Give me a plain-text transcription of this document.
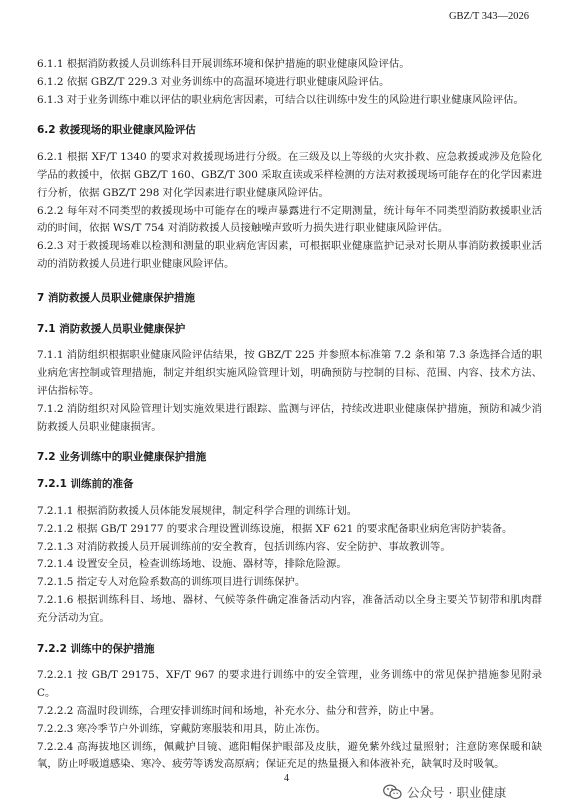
GBZ/T 343—2026
6.1.1 根据消防救援人员训练科目开展训练环境和保护措施的职业健康风险评估。
6.1.2 依据 GBZ/T 229.3 对业务训练中的高温环境进行职业健康风险评估。
6.1.3 对于业务训练中难以评估的职业病危害因素，可结合以往训练中发生的风险进行职业健康风险评估。
6.2 救援现场的职业健康风险评估
6.2.1 根据 XF/T 1340 的要求对救援现场进行分级。在三级及以上等级的火灾扑救、应急救援或涉及危险化学品的救援中，依据 GBZ/T 160、GBZ/T 300 采取直读或采样检测的方法对救援现场可能存在的化学因素进行分析，依据 GBZ/T 298 对化学因素进行职业健康风险评估。
6.2.2 每年对不同类型的救援现场中可能存在的噪声暴露进行不定期测量，统计每年不同类型消防救援职业活动的时间，依据 WS/T 754 对消防救援人员接触噪声致听力损失进行职业健康风险评估。
6.2.3 对于救援现场难以检测和测量的职业病危害因素，可根据职业健康监护记录对长期从事消防救援职业活动的消防救援人员进行职业健康风险评估。
7 消防救援人员职业健康保护措施
7.1 消防救援人员职业健康保护
7.1.1 消防组织根据职业健康风险评估结果，按 GBZ/T 225 并参照本标准第 7.2 条和第 7.3 条选择合适的职业病危害控制或管理措施，制定并组织实施风险管理计划，明确预防与控制的目标、范围、内容、技术方法、评估指标等。
7.1.2 消防组织对风险管理计划实施效果进行跟踪、监测与评估，持续改进职业健康保护措施，预防和减少消防救援人员职业健康损害。
7.2 业务训练中的职业健康保护措施
7.2.1 训练前的准备
7.2.1.1 根据消防救援人员体能发展规律，制定科学合理的训练计划。
7.2.1.2 根据 GB/T 29177 的要求合理设置训练设施，根据 XF 621 的要求配备职业病危害防护装备。
7.2.1.3 对消防救援人员开展训练前的安全教育，包括训练内容、安全防护、事故教训等。
7.2.1.4 设置安全员，检查训练场地、设施、器材等，排除危险源。
7.2.1.5 指定专人对危险系数高的训练项目进行训练保护。
7.2.1.6 根据训练科目、场地、器材、气候等条件确定准备活动内容，准备活动以全身主要关节韧带和肌肉群充分活动为宜。
7.2.2 训练中的保护措施
7.2.2.1 按 GB/T 29175、XF/T 967 的要求进行训练中的安全管理，业务训练中的常见保护措施参见附录 C。
7.2.2.2 高温时段训练，合理安排训练时间和场地，补充水分、盐分和营养，防止中暑。
7.2.2.3 寒冷季节户外训练，穿戴防寒服装和用具，防止冻伤。
7.2.2.4 高海拔地区训练，佩戴护目镜、遮阳帽保护眼部及皮肤，避免紫外线过量照射；注意防寒保暖和缺氧，防止呼吸道感染、寒冷、疲劳等诱发高原病；保证充足的热量摄入和体液补充，缺氧时及时吸氧。
4
公众号 · 职业健康
